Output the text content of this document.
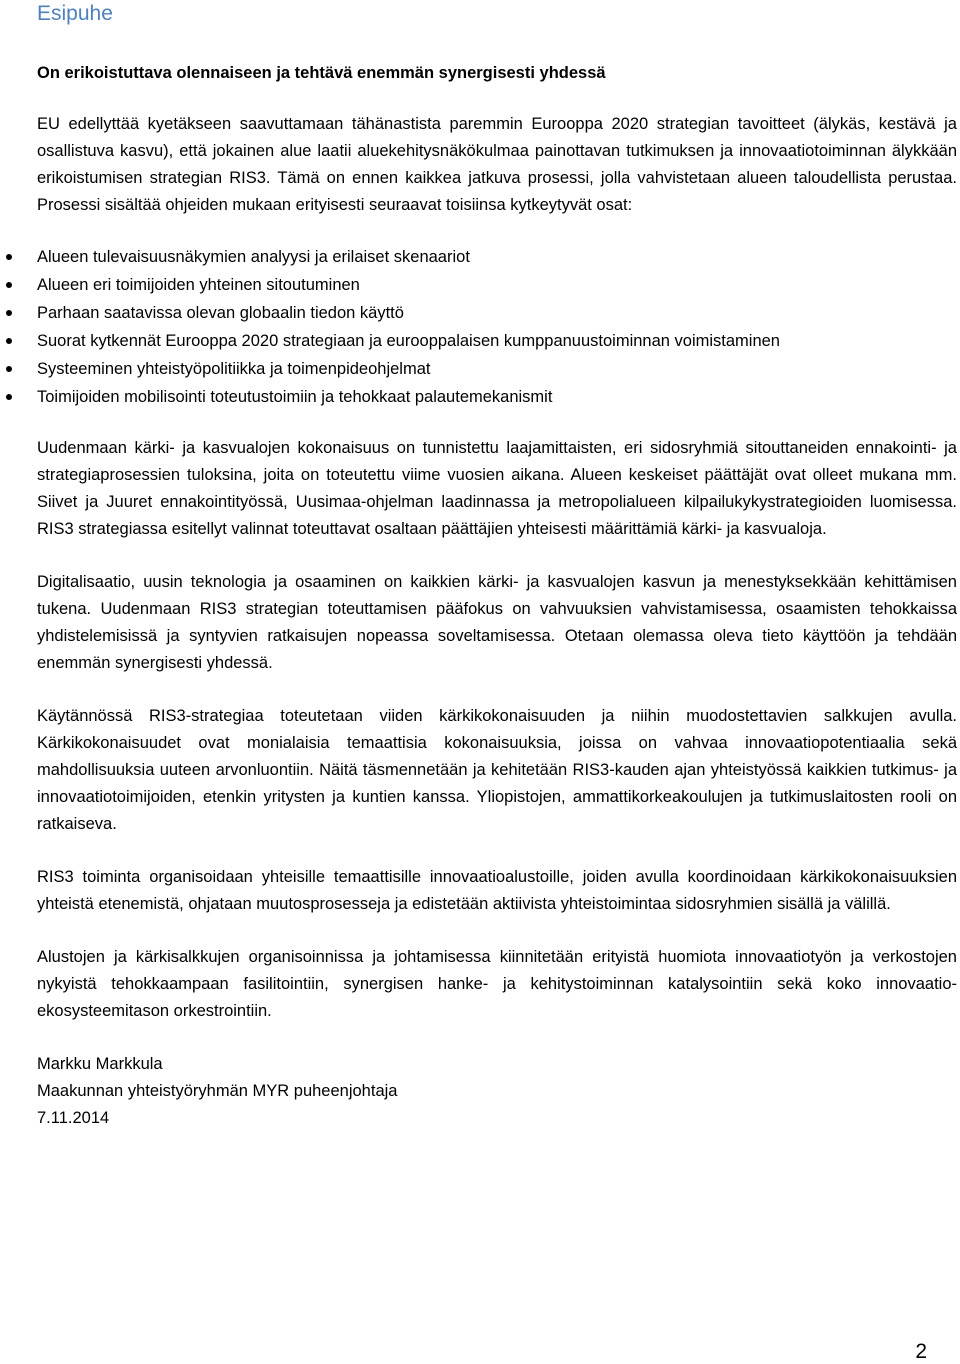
Esipuhe

On erikoistuttava olennaiseen ja tehtävä enemmän synergisesti yhdessä

EU edellyttää kyetäkseen saavuttamaan tähänastista paremmin Eurooppa 2020 strategian tavoitteet (älykäs, kestävä ja osallistuva kasvu), että jokainen alue laatii aluekehitysnäkökulmaa painottavan tutkimuksen ja innovaatiotoiminnan älykkään erikoistumisen strategian RIS3. Tämä on ennen kaikkea jatkuva prosessi, jolla vahvistetaan alueen taloudellista perustaa. Prosessi sisältää ohjeiden mukaan erityisesti seuraavat toisiinsa kytkeytyvät osat:

Alueen tulevaisuusnäkymien analyysi ja erilaiset skenaariot
Alueen eri toimijoiden yhteinen sitoutuminen
Parhaan saatavissa olevan globaalin tiedon käyttö
Suorat kytkennät Eurooppa 2020 strategiaan ja eurooppalaisen kumppanuustoiminnan voimistaminen
Systeeminen yhteistyöpolitiikka ja toimenpideohjelmat
Toimijoiden mobilisointi toteutustoimiin ja tehokkaat palautemekanismit

Uudenmaan kärki- ja kasvualojen kokonaisuus on tunnistettu laajamittaisten, eri sidosryhmiä sitouttaneiden ennakointi- ja strategiaprosessien tuloksina, joita on toteutettu viime vuosien aikana. Alueen keskeiset päättäjät ovat olleet mukana mm. Siivet ja Juuret ennakointityössä, Uusimaa-ohjelman laadinnassa ja metropolialueen kilpailukykystrategioiden luomisessa. RIS3 strategiassa esitellyt valinnat toteuttavat osaltaan päättäjien yhteisesti määrittämiä kärki- ja kasvualoja.

Digitalisaatio, uusin teknologia ja osaaminen on kaikkien kärki- ja kasvualojen kasvun ja menestyksekkään kehittämisen tukena. Uudenmaan RIS3 strategian toteuttamisen pääfokus on vahvuuksien vahvistamisessa, osaamisten tehokkaissa yhdistelemisissä ja syntyvien ratkaisujen nopeassa soveltamisessa. Otetaan olemassa oleva tieto käyttöön ja tehdään enemmän synergisesti yhdessä.

Käytännössä RIS3-strategiaa toteutetaan viiden kärkikokonaisuuden ja niihin muodostettavien salkkujen avulla. Kärkikokonaisuudet ovat monialaisia temaattisia kokonaisuuksia, joissa on vahvaa innovaatiopotentiaalia sekä mahdollisuuksia uuteen arvonluontiin. Näitä täsmennetään ja kehitetään RIS3-kauden ajan yhteistyössä kaikkien tutkimus- ja innovaatiotoimijoiden, etenkin yritysten ja kuntien kanssa. Yliopistojen, ammattikorkeakoulujen ja tutkimuslaitosten rooli on ratkaiseva.

RIS3 toiminta organisoidaan yhteisille temaattisille innovaatioalustoille, joiden avulla koordinoidaan kärkikokonaisuuksien yhteistä etenemistä, ohjataan muutosprosesseja ja edistetään aktiivista yhteistoimintaa sidosryhmien sisällä ja välillä.

Alustojen ja kärkisalkkujen organisoinnissa ja johtamisessa kiinnitetään erityistä huomiota innovaatiotyön ja verkostojen nykyistä tehokkaampaan fasilitointiin, synergisen hanke- ja kehitystoiminnan katalysointiin sekä koko innovaatio-ekosysteemitason orkestrointiin.

Markku Markkula
Maakunnan yhteistyöryhmän MYR puheenjohtaja
7.11.2014
2
